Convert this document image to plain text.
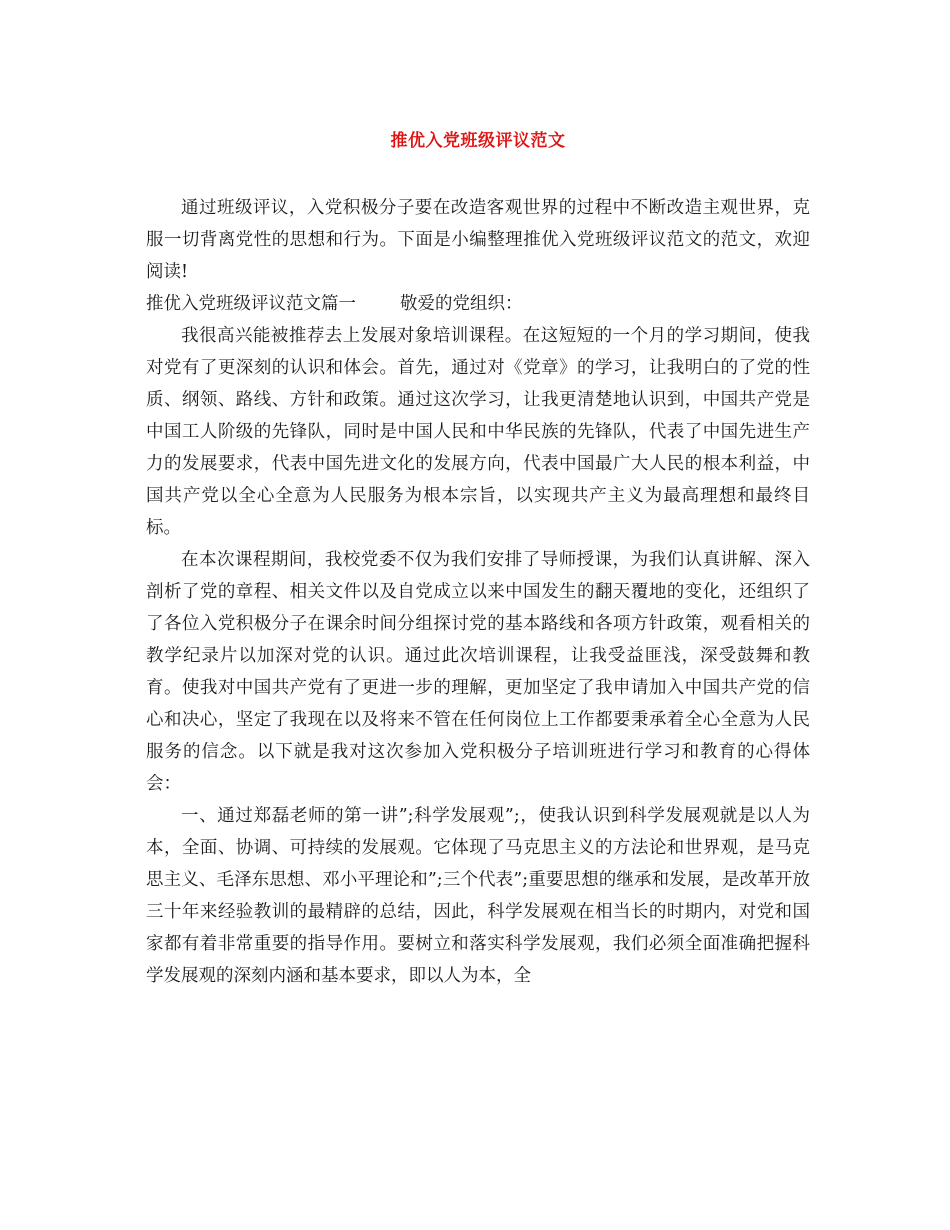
推优入党班级评议范文

通过班级评议，入党积极分子要在改造客观世界的过程中不断改造主观世界，克服一切背离党性的思想和行为。下面是小编整理推优入党班级评议范文的范文，欢迎阅读!

推优入党班级评议范文篇一	敬爱的党组织：

我很高兴能被推荐去上发展对象培训课程。在这短短的一个月的学习期间，使我对党有了更深刻的认识和体会。首先，通过对《党章》的学习，让我明白的了党的性质、纲领、路线、方针和政策。通过这次学习，让我更清楚地认识到，中国共产党是中国工人阶级的先锋队，同时是中国人民和中华民族的先锋队，代表了中国先进生产力的发展要求，代表中国先进文化的发展方向，代表中国最广大人民的根本利益，中国共产党以全心全意为人民服务为根本宗旨，以实现共产主义为最高理想和最终目标。

在本次课程期间，我校党委不仅为我们安排了导师授课，为我们认真讲解、深入剖析了党的章程、相关文件以及自党成立以来中国发生的翻天覆地的变化，还组织了了各位入党积极分子在课余时间分组探讨党的基本路线和各项方针政策，观看相关的教学纪录片以加深对党的认识。通过此次培训课程，让我受益匪浅，深受鼓舞和教育。使我对中国共产党有了更进一步的理解，更加坚定了我申请加入中国共产党的信心和决心，坚定了我现在以及将来不管在任何岗位上工作都要秉承着全心全意为人民服务的信念。以下就是我对这次参加入党积极分子培训班进行学习和教育的心得体会：

一、通过郑磊老师的第一讲”;科学发展观”;，使我认识到科学发展观就是以人为本，全面、协调、可持续的发展观。它体现了马克思主义的方法论和世界观，是马克思主义、毛泽东思想、邓小平理论和”;三个代表”;重要思想的继承和发展，是改革开放三十年来经验教训的最精辟的总结，因此，科学发展观在相当长的时期内，对党和国家都有着非常重要的指导作用。要树立和落实科学发展观，我们必须全面准确把握科学发展观的深刻内涵和基本要求，即以人为本，全
